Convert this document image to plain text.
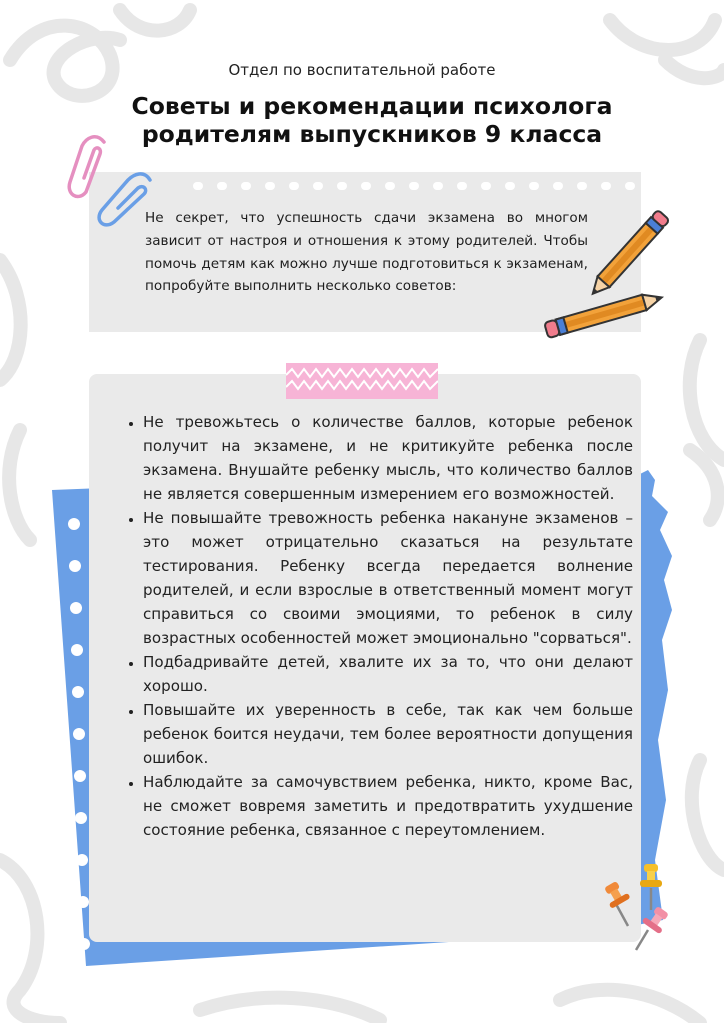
Отдел по воспитательной работе
Советы и рекомендации психолога
родителям выпускников 9 класса
Не секрет, что успешность сдачи экзамена во многом зависит от настроя и отношения к этому родителей. Чтобы помочь детям как можно лучше подготовиться к экзаменам, попробуйте выполнить несколько советов:
• Не тревожьтесь о количестве баллов, которые ребенок получит на экзамене, и не критикуйте ребенка после экзамена. Внушайте ребенку мысль, что количество баллов не является совершенным измерением его возможностей.
• Не повышайте тревожность ребенка накануне экзаменов – это может отрицательно сказаться на результате тестирования. Ребенку всегда передается волнение родителей, и если взрослые в ответственный момент могут справиться со своими эмоциями, то ребенок в силу возрастных особенностей может эмоционально "сорваться".
• Подбадривайте детей, хвалите их за то, что они делают хорошо.
• Повышайте их уверенность в себе, так как чем больше ребенок боится неудачи, тем более вероятности допущения ошибок.
• Наблюдайте за самочувствием ребенка, никто, кроме Вас, не сможет вовремя заметить и предотвратить ухудшение состояние ребенка, связанное с переутомлением.
